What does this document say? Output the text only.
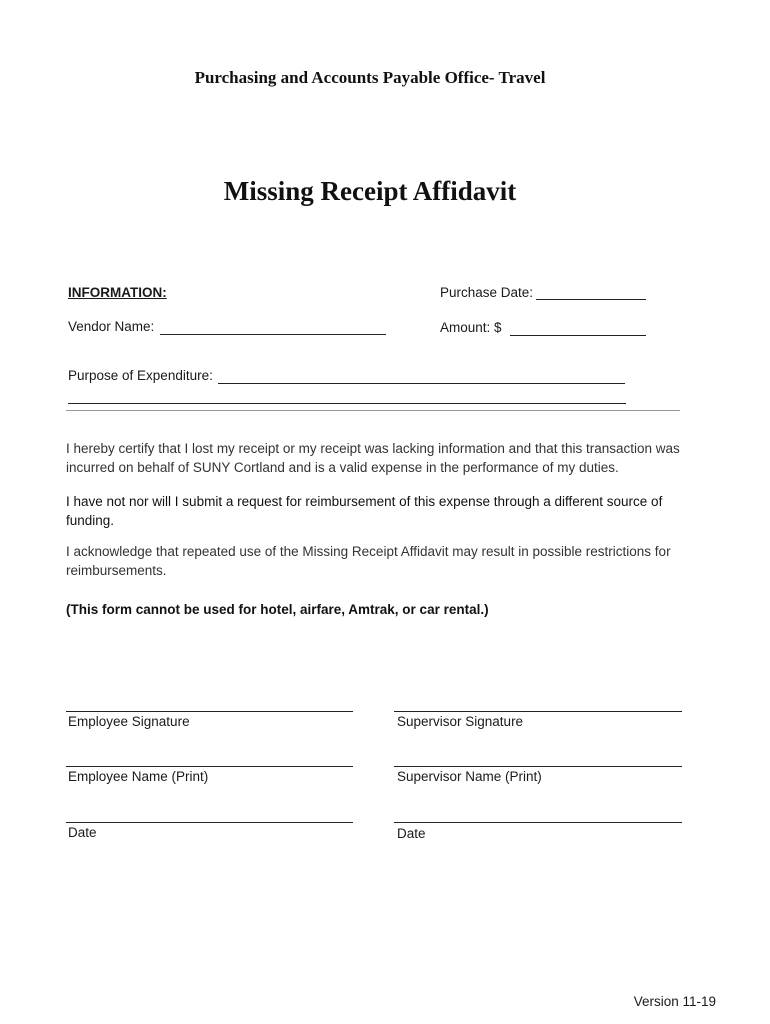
Purchasing and Accounts Payable Office- Travel
Missing Receipt Affidavit
INFORMATION:	Purchase Date:
Vendor Name:	Amount: $
Purpose of Expenditure:
I hereby certify that I lost my receipt or my receipt was lacking information and that this transaction was incurred on behalf of SUNY Cortland and is a valid expense in the performance of my duties.
I have not nor will I submit a request for reimbursement of this expense through a different source of funding.
I acknowledge that repeated use of the Missing Receipt Affidavit may result in possible restrictions for reimbursements.
(This form cannot be used for hotel, airfare, Amtrak, or car rental.)
Employee Signature	Supervisor Signature
Employee Name (Print)	Supervisor Name (Print)
Date	Date
Version 11-19
